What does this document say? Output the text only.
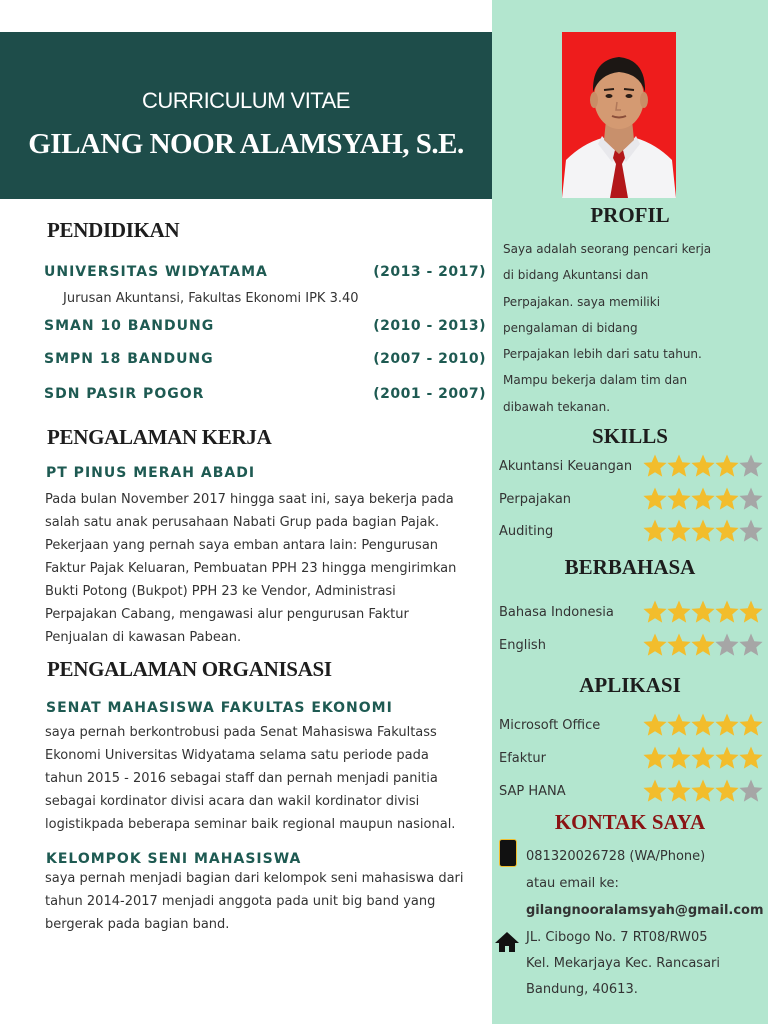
CURRICULUM VITAE
GILANG NOOR ALAMSYAH, S.E.
PENDIDIKAN
UNIVERSITAS WIDYATAMA	(2013 - 2017)
Jurusan Akuntansi, Fakultas Ekonomi IPK 3.40
SMAN 10 BANDUNG	(2010 - 2013)
SMPN 18 BANDUNG	(2007 - 2010)
SDN PASIR POGOR	(2001 - 2007)
PENGALAMAN KERJA
PT PINUS MERAH ABADI
Pada bulan November 2017 hingga saat ini, saya bekerja pada
salah satu anak perusahaan Nabati Grup pada bagian Pajak.
Pekerjaan yang pernah saya emban antara lain: Pengurusan
Faktur Pajak Keluaran, Pembuatan PPH 23 hingga mengirimkan
Bukti Potong (Bukpot) PPH 23 ke Vendor, Administrasi
Perpajakan Cabang, mengawasi alur pengurusan Faktur
Penjualan di kawasan Pabean.
PENGALAMAN ORGANISASI
SENAT MAHASISWA FAKULTAS EKONOMI
saya pernah berkontrobusi pada Senat Mahasiswa Fakultass
Ekonomi Universitas Widyatama selama satu periode pada
tahun 2015 - 2016 sebagai staff dan pernah menjadi panitia
sebagai kordinator divisi acara dan wakil kordinator divisi
logistikpada beberapa seminar baik regional maupun nasional.
KELOMPOK SENI MAHASISWA
saya pernah menjadi bagian dari kelompok seni mahasiswa dari
tahun 2014-2017 menjadi anggota pada unit big band yang
bergerak pada bagian band.
PROFIL
Saya adalah seorang pencari kerja
di bidang Akuntansi dan
Perpajakan. saya memiliki
pengalaman di bidang
Perpajakan lebih dari satu tahun.
Mampu bekerja dalam tim dan
dibawah tekanan.
SKILLS
Akuntansi Keuangan
Perpajakan
Auditing
BERBAHASA
Bahasa Indonesia
English
APLIKASI
Microsoft Office
Efaktur
SAP HANA
KONTAK SAYA
081320026728 (WA/Phone)
atau email ke:
gilangnooralamsyah@gmail.com
JL. Cibogo No. 7 RT08/RW05
Kel. Mekarjaya Kec. Rancasari
Bandung, 40613.
